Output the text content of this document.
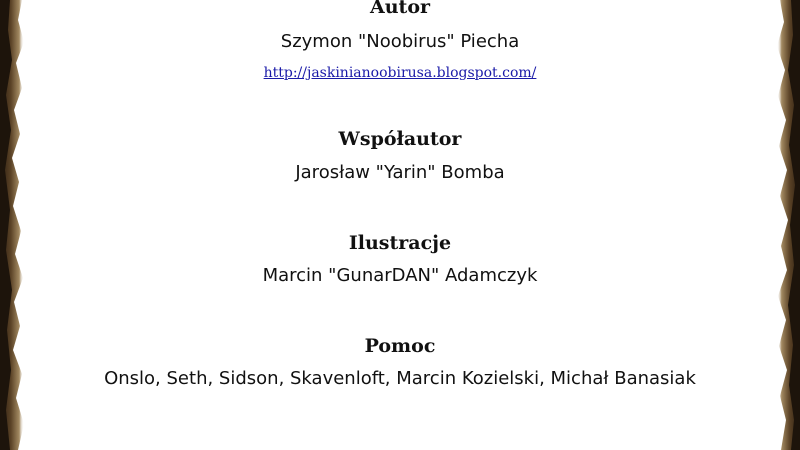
Autor

Szymon "Noobirus" Piecha

http://jaskinianoobirusa.blogspot.com/
Współautor

Jarosław "Yarin" Bomba

Ilustracje

Marcin "GunarDAN" Adamczyk

Pomoc

Onslo, Seth, Sidson, Skavenloft, Marcin Kozielski, Michał Banasiak
